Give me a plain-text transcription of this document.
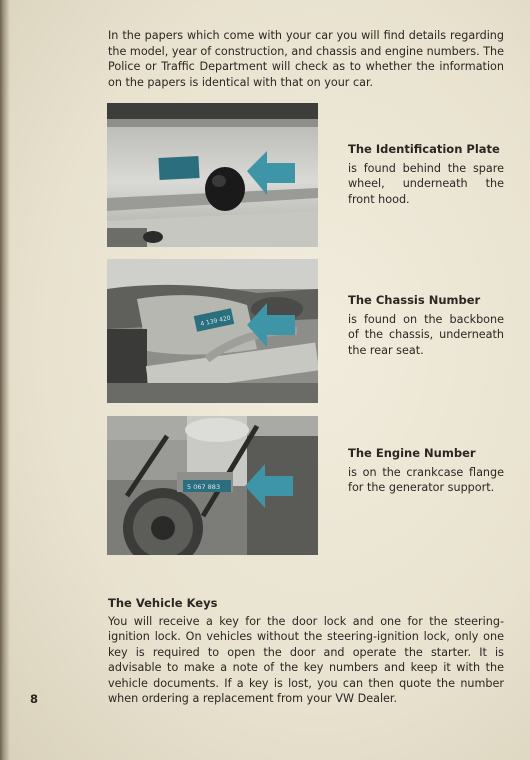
In the papers which come with your car you will find details regarding the model, year of construction, and chassis and engine numbers. The Police or Traffic Department will check as to whether the information on the papers is identical with that on your car.

4 139 420
5 067 883
The Identification Plate

is found behind the spare wheel, underneath the front hood.

The Chassis Number

is found on the backbone of the chassis, underneath the rear seat.

The Engine Number

is on the crankcase flange for the generator support.

The Vehicle Keys

You will receive a key for the door lock and one for the steering-ignition lock. On vehicles without the steering-ignition lock, only one key is required to open the door and operate the starter. It is advisable to make a note of the key numbers and keep it with the vehicle documents. If a key is lost, you can then quote the number when ordering a replacement from your VW Dealer.

8
